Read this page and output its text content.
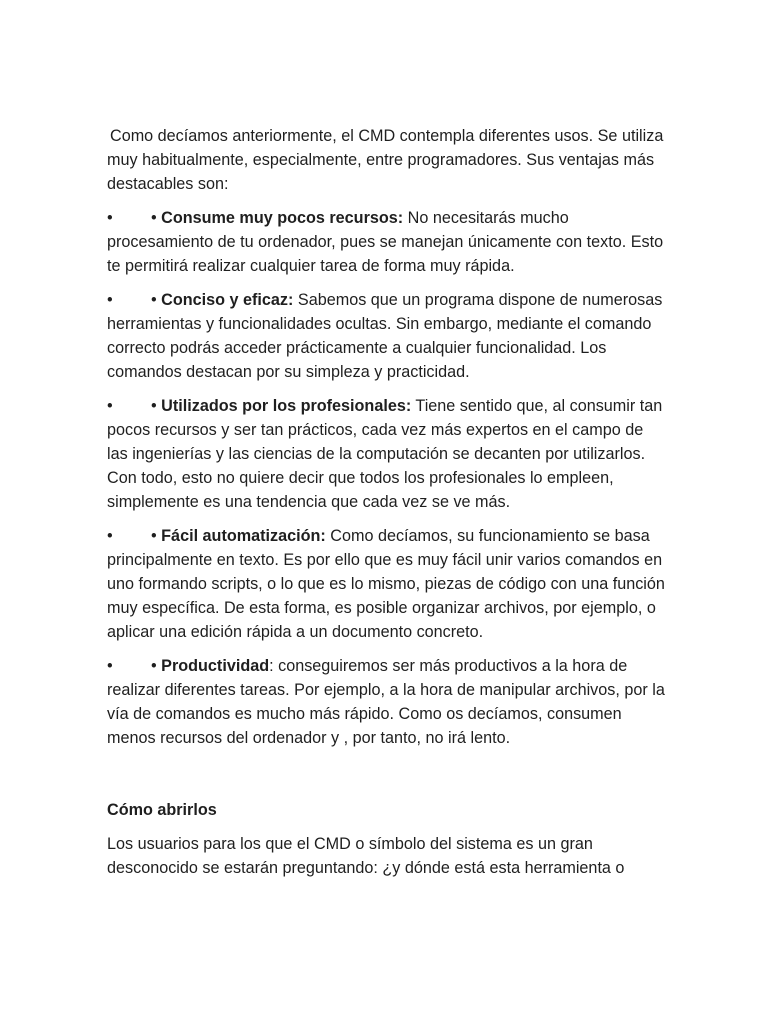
Como decíamos anteriormente, el CMD contempla diferentes usos. Se utiliza muy habitualmente, especialmente, entre programadores. Sus ventajas más destacables son:

• • Consume muy pocos recursos: No necesitarás mucho procesamiento de tu ordenador, pues se manejan únicamente con texto. Esto te permitirá realizar cualquier tarea de forma muy rápida.

• • Conciso y eficaz: Sabemos que un programa dispone de numerosas herramientas y funcionalidades ocultas. Sin embargo, mediante el comando correcto podrás acceder prácticamente a cualquier funcionalidad. Los comandos destacan por su simpleza y practicidad.

• • Utilizados por los profesionales: Tiene sentido que, al consumir tan pocos recursos y ser tan prácticos, cada vez más expertos en el campo de las ingenierías y las ciencias de la computación se decanten por utilizarlos. Con todo, esto no quiere decir que todos los profesionales lo empleen, simplemente es una tendencia que cada vez se ve más.

• • Fácil automatización: Como decíamos, su funcionamiento se basa principalmente en texto. Es por ello que es muy fácil unir varios comandos en uno formando scripts, o lo que es lo mismo, piezas de código con una función muy específica. De esta forma, es posible organizar archivos, por ejemplo, o aplicar una edición rápida a un documento concreto.

• • Productividad: conseguiremos ser más productivos a la hora de realizar diferentes tareas. Por ejemplo, a la hora de manipular archivos, por la vía de comandos es mucho más rápido. Como os decíamos, consumen menos recursos del ordenador y , por tanto, no irá lento.

Cómo abrirlos

Los usuarios para los que el CMD o símbolo del sistema es un gran desconocido se estarán preguntando: ¿y dónde está esta herramienta o
